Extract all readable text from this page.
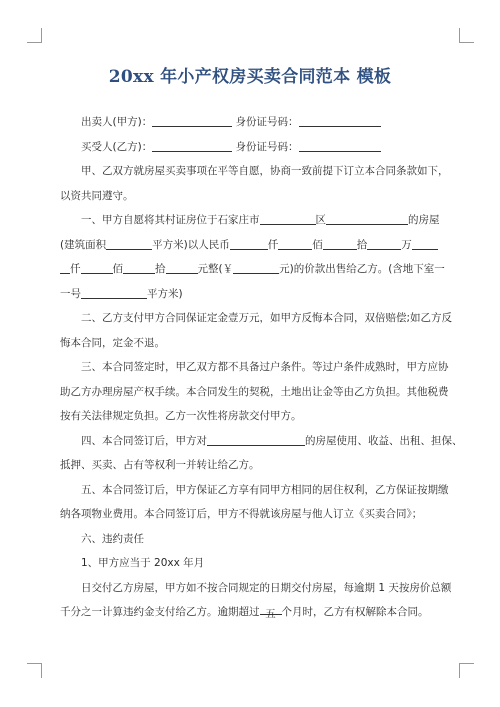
20xx 年小产权房买卖合同范本 模板
出卖人(甲方)：	身份证号码：
买受人(乙方)：	身份证号码：
甲、乙双方就房屋买卖事项在平等自愿，协商一致前提下订立本合同条款如下，
以资共同遵守。
一、甲方自愿将其村证房位于石家庄市	区	的房屋
(建筑面积	平方米)以人民币	仟	佰	拾	万
仟	佰	拾	元整(￥	元)的价款出售给乙方。(含地下室一
一号	平方米)
二、乙方支付甲方合同保证定金壹万元，如甲方反悔本合同，双倍赔偿;如乙方反
悔本合同，定金不退。
三、本合同签定时，甲乙双方都不具备过户条件。等过户条件成熟时，甲方应协
助乙方办理房屋产权手续。本合同发生的契税，土地出让金等由乙方负担。其他税费
按有关法律规定负担。乙方一次性将房款交付甲方。
四、本合同签订后，甲方对	的房屋使用、收益、出租、担保、
抵押、买卖、占有等权利一并转让给乙方。
五、本合同签订后，甲方保证乙方享有同甲方相同的居住权利，乙方保证按期缴
纳各项物业费用。本合同签订后，甲方不得就该房屋与他人订立《买卖合同》；
六、违约责任
1、甲方应当于 20xx 年月
日交付乙方房屋，甲方如不按合同规定的日期交付房屋，每逾期 1 天按房价总额
千分之一计算违约金支付给乙方。逾期超过 五 个月时，乙方有权解除本合同。
